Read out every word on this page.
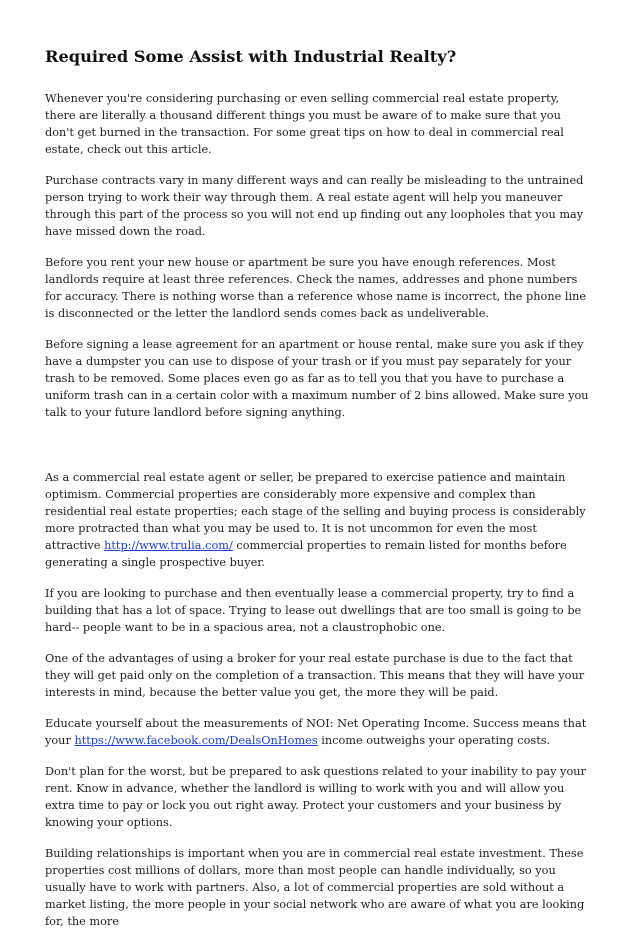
Required Some Assist with Industrial Realty?

Whenever you're considering purchasing or even selling commercial real estate property, there are literally a thousand different things you must be aware of to make sure that you don't get burned in the transaction. For some great tips on how to deal in commercial real estate, check out this article.

Purchase contracts vary in many different ways and can really be misleading to the untrained person trying to work their way through them. A real estate agent will help you maneuver through this part of the process so you will not end up finding out any loopholes that you may have missed down the road.

Before you rent your new house or apartment be sure you have enough references. Most landlords require at least three references. Check the names, addresses and phone numbers for accuracy. There is nothing worse than a reference whose name is incorrect, the phone line is disconnected or the letter the landlord sends comes back as undeliverable.

Before signing a lease agreement for an apartment or house rental, make sure you ask if they have a dumpster you can use to dispose of your trash or if you must pay separately for your trash to be removed. Some places even go as far as to tell you that you have to purchase a uniform trash can in a certain color with a maximum number of 2 bins allowed. Make sure you talk to your future landlord before signing anything.

As a commercial real estate agent or seller, be prepared to exercise patience and maintain optimism. Commercial properties are considerably more expensive and complex than residential real estate properties; each stage of the selling and buying process is considerably more protracted than what you may be used to. It is not uncommon for even the most attractive http://www.trulia.com/ commercial properties to remain listed for months before generating a single prospective buyer.

If you are looking to purchase and then eventually lease a commercial property, try to find a building that has a lot of space. Trying to lease out dwellings that are too small is going to be hard-- people want to be in a spacious area, not a claustrophobic one.

One of the advantages of using a broker for your real estate purchase is due to the fact that they will get paid only on the completion of a transaction. This means that they will have your interests in mind, because the better value you get, the more they will be paid.

Educate yourself about the measurements of NOI: Net Operating Income. Success means that your https://www.facebook.com/DealsOnHomes income outweighs your operating costs.

Don't plan for the worst, but be prepared to ask questions related to your inability to pay your rent. Know in advance, whether the landlord is willing to work with you and will allow you extra time to pay or lock you out right away. Protect your customers and your business by knowing your options.

Building relationships is important when you are in commercial real estate investment. These properties cost millions of dollars, more than most people can handle individually, so you usually have to work with partners. Also, a lot of commercial properties are sold without a market listing, the more people in your social network who are aware of what you are looking for, the more
